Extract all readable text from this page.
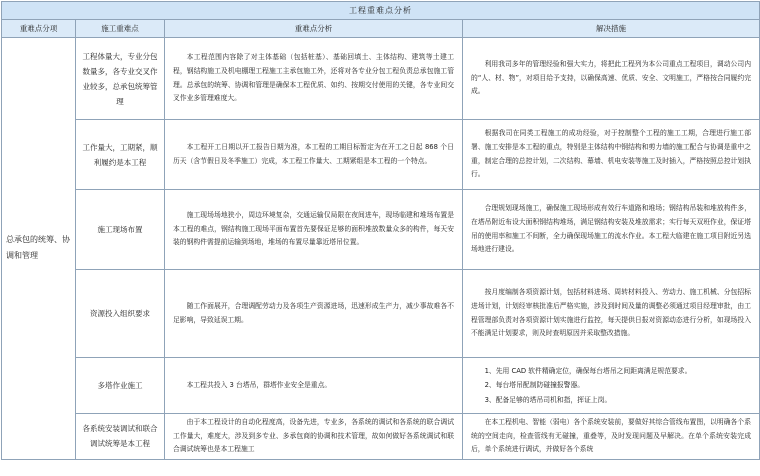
工程重难点分析			
重难点分项	施工重难点	重难点分析	解决措施
总承包的统筹、协调和管理	工程体量大，专业分包数量多，各专业交叉作业较多，总承包统筹管理	本工程范围内容除了对主体基础（包括桩基）、基础回填土、主体结构、建筑等土建工程，钢结构施工及机电棚理工程施工主承包施工外，还将对各专业分包工程负责总承包施工管理。总承包的统筹、协调和管理是确保本工程优质、如约、按期交付使用的关键，各专业间交叉作业多管理难度大。	利用我司多年的管理经验和强大实力，将把此工程列为本公司重点工程项目，调动公司内的“人、材、物”，对项目给予支持，以确保高速、优质、安全、文明施工，严格按合同履约完成。
	工作量大，工期紧，顺利履约是本工程	本工程开工日期以开工报告日期为准，本工程的工期目标暂定为在开工之日起 868 个日历天（含节假日及冬季施工）完成，本工程工作量大、工期紧组是本工程的一个特点。	根据我司在同类工程施工的成功经验，对于控制整个工程的施工工期，合理进行施工部署、施工安排是本工程的重点，特别是主体结构中钢结构和剪力墙的施工配合与协调是重中之重，制定合理的总控计划，二次结构、幕墙、机电安装等施工及时插入，严格按照总控计划执行。
	施工现场布置	施工现场场地狭小，周边环境复杂，交通运输仅局限在夜间进车，现场临建和堆场布置是本工程的难点，钢结构施工现场平面布置首先要保证足够的面积堆放数量众多的构件，每天安装的钢构件需提前运输到场地，堆场的布置尽量靠近塔吊位置。	合理规划现场施工，确保施工现场形成有效行车道路和堆场；钢结构吊装和堆放构件多，在塔吊附近布设大面积钢结构堆场，满足钢结构安装及堆放需求；实行每天双班作业，保证塔吊的使用率和施工不间断，全力确保现场施工的流水作业。本工程大临建在施工项目附近另选场地进行建设。
	资源投入组织要求	随工作面展开，合理调配劳动力及各项生产资源进场，迅速形成生产力，减少事故难各不足影响，导致延误工期。	按月度编制各项资源计划，包括材料进场、周转材料投入、劳动力、施工机械、分包招标进场计划，计划经审核批准后严格实施，涉及到时间及量的调整必须通过项目经理审批，由工程管理部负责对各项资源计划实施进行监控，每天提供日报对资源动态进行分析，如现场投入不能满足计划要求，则及时查明原因并采取整改措施。
	多塔作业施工	本工程共投入 3 台塔吊，群塔作业安全是重点。	1、先用 CAD 软件精确定位，确保每台塔吊之间距离满足规范要求。
2、每台塔吊配制防碰撞报警器。
3、配备足够的塔吊司机和指，挥证上岗。

	各系统安装调试和联合调试统筹是本工程	由于本工程设计的自动化程度高，设备先进，专业多，各系统的调试和各系统的联合调试工作量大，难度大，涉及到多专业、多承包商的协调和技术管理，故如何做好各系统调试和联合调试统筹也是本工程施工	在本工程机电、智能（弱电）各个系统安装前，要做好其综合管线布置图，以明确各个系统的空间走向，检查管线有无碰撞，重叠等，及时发现问题及早解决。在单个系统安装完成后，单个系统进行调试，并做好各个系统
